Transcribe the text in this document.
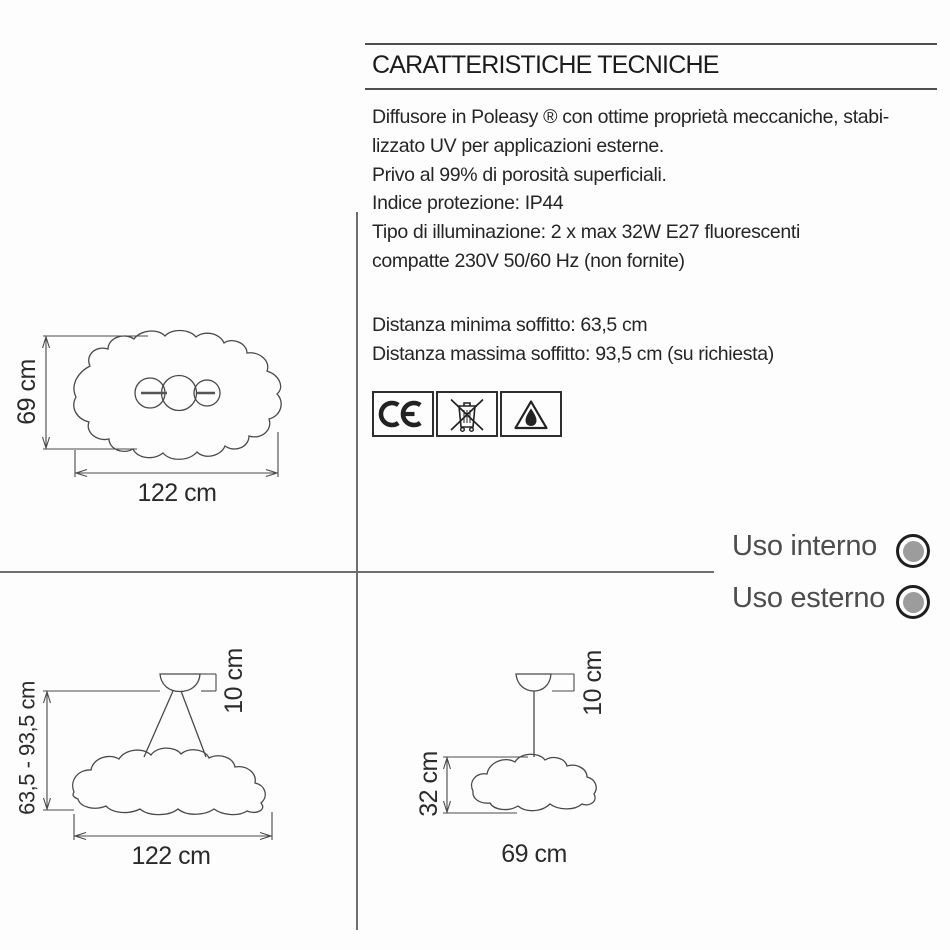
CARATTERISTICHE TECNICHE
Diffusore in Poleasy ® con ottime proprietà meccaniche, stabi-
lizzato UV per applicazioni esterne.
Privo al 99% di porosità superficiali.
Indice protezione: IP44
Tipo di illuminazione: 2 x max 32W E27 fluorescenti
compatte 230V 50/60 Hz (non fornite)
Distanza minima soffitto: 63,5 cm
Distanza massima soffitto: 93,5 cm (su richiesta)
Uso interno
Uso esterno
69 cm
122 cm
10 cm
63,5 - 93,5 cm
122 cm
10 cm
32 cm
69 cm
